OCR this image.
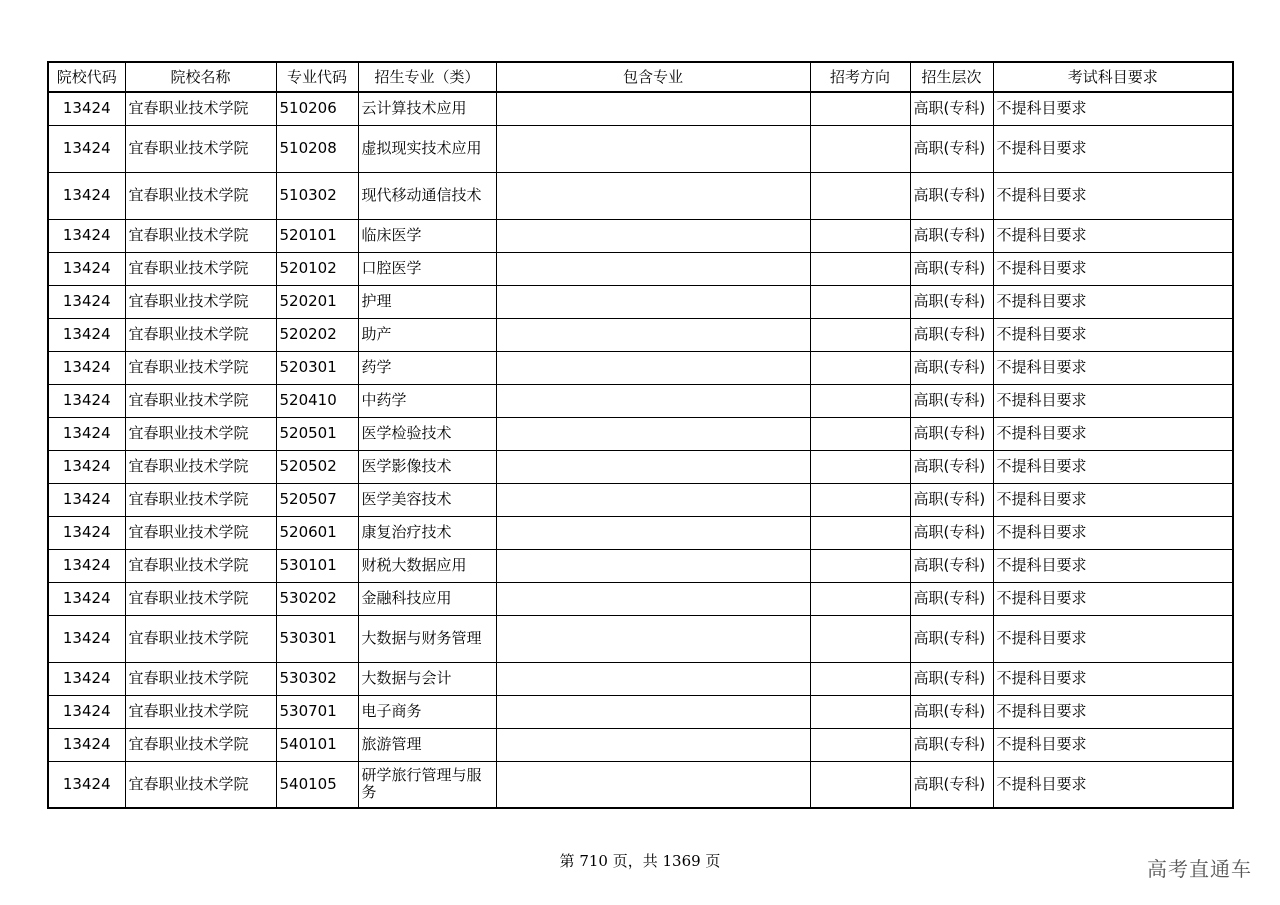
院校代码	院校名称	专业代码	招生专业（类）	包含专业	招考方向	招生层次	考试科目要求
13424	宜春职业技术学院	510206	云计算技术应用			高职(专科)	不提科目要求
13424	宜春职业技术学院	510208	虚拟现实技术应用			高职(专科)	不提科目要求
13424	宜春职业技术学院	510302	现代移动通信技术			高职(专科)	不提科目要求
13424	宜春职业技术学院	520101	临床医学			高职(专科)	不提科目要求
13424	宜春职业技术学院	520102	口腔医学			高职(专科)	不提科目要求
13424	宜春职业技术学院	520201	护理			高职(专科)	不提科目要求
13424	宜春职业技术学院	520202	助产			高职(专科)	不提科目要求
13424	宜春职业技术学院	520301	药学			高职(专科)	不提科目要求
13424	宜春职业技术学院	520410	中药学			高职(专科)	不提科目要求
13424	宜春职业技术学院	520501	医学检验技术			高职(专科)	不提科目要求
13424	宜春职业技术学院	520502	医学影像技术			高职(专科)	不提科目要求
13424	宜春职业技术学院	520507	医学美容技术			高职(专科)	不提科目要求
13424	宜春职业技术学院	520601	康复治疗技术			高职(专科)	不提科目要求
13424	宜春职业技术学院	530101	财税大数据应用			高职(专科)	不提科目要求
13424	宜春职业技术学院	530202	金融科技应用			高职(专科)	不提科目要求
13424	宜春职业技术学院	530301	大数据与财务管理			高职(专科)	不提科目要求
13424	宜春职业技术学院	530302	大数据与会计			高职(专科)	不提科目要求
13424	宜春职业技术学院	530701	电子商务			高职(专科)	不提科目要求
13424	宜春职业技术学院	540101	旅游管理			高职(专科)	不提科目要求
13424	宜春职业技术学院	540105	研学旅行管理与服务			高职(专科)	不提科目要求
第 710 页，共 1369 页	高考直通车
